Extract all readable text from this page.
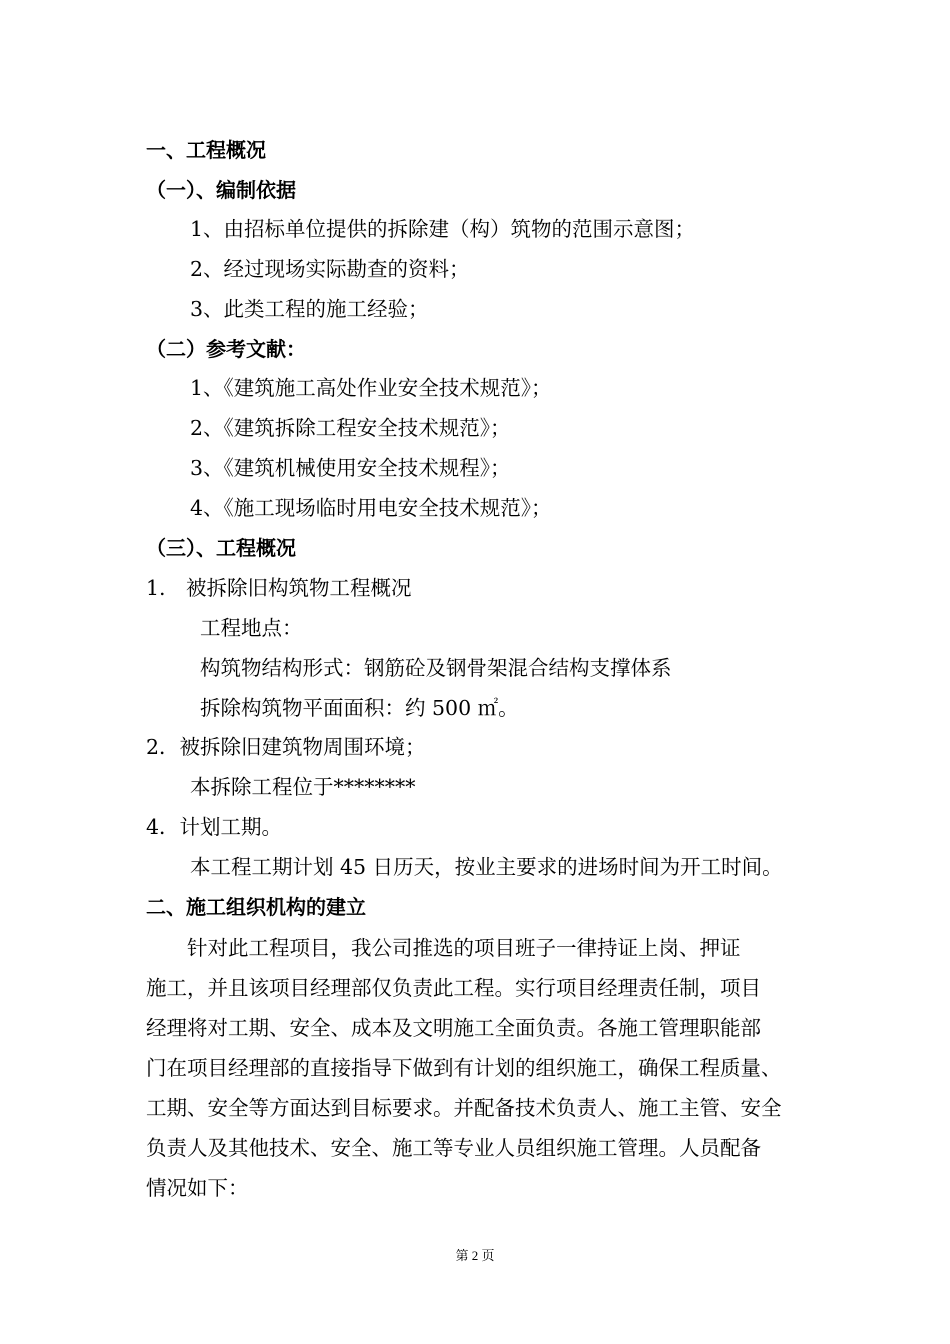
一、工程概况
（一）、编制依据
1、由招标单位提供的拆除建（构）筑物的范围示意图；
2、经过现场实际勘查的资料；
3、此类工程的施工经验；
（二）参考文献：
1、《建筑施工高处作业安全技术规范》；
2、《建筑拆除工程安全技术规范》；
3、《建筑机械使用安全技术规程》；
4、《施工现场临时用电安全技术规范》；
（三）、工程概况
1.　被拆除旧构筑物工程概况
工程地点：
构筑物结构形式：钢筋砼及钢骨架混合结构支撑体系
拆除构筑物平面面积：约 500 ㎡。
2．被拆除旧建筑物周围环境；
本拆除工程位于********
4．计划工期。
本工程工期计划 45 日历天，按业主要求的进场时间为开工时间。
二、施工组织机构的建立
　　针对此工程项目，我公司推选的项目班子一律持证上岗、押证
施工，并且该项目经理部仅负责此工程。实行项目经理责任制，项目
经理将对工期、安全、成本及文明施工全面负责。各施工管理职能部
门在项目经理部的直接指导下做到有计划的组织施工，确保工程质量、
工期、安全等方面达到目标要求。并配备技术负责人、施工主管、安全
负责人及其他技术、安全、施工等专业人员组织施工管理。人员配备
情况如下：
第 2 页
